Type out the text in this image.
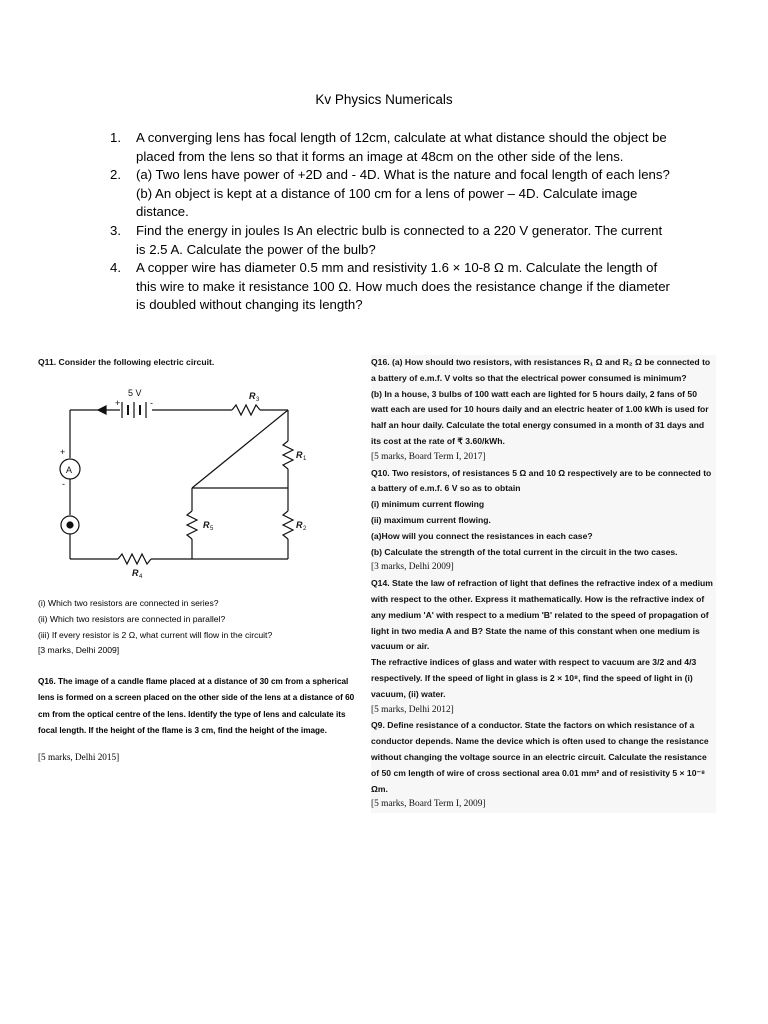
Kv Physics Numericals
1.	A converging lens has focal length of 12cm, calculate at what distance should the object be placed from the lens so that it forms an image at 48cm on the other side of the lens.

2.	(a) Two lens have power of +2D and - 4D. What is the nature and focal length of each lens?

(b) An object is kept at a distance of 100 cm for a lens of power – 4D. Calculate image distance.

3.	Find the energy in joules Is An electric bulb is connected to a 220 V generator. The current is 2.5 A. Calculate the power of the bulb?

4.	A copper wire has diameter 0.5 mm and resistivity 1.6 × 10-8 Ω m. Calculate the length of this wire to make it resistance 100 Ω. How much does the resistance change if the diameter is doubled without changing its length?

Q11. Consider the following electric circuit.

5 V
+	-
A
+
-
R 3
R 1
R 2
R 5
R 4

(i) Which two resistors are connected in series?

(ii) Which two resistors are connected in parallel?

(iii) If every resistor is 2 Ω, what current will flow in the circuit?

[3 marks, Delhi 2009]

Q16. The image of a candle flame placed at a distance of 30 cm from a spherical lens is formed on a screen placed on the other side of the lens at a distance of 60 cm from the optical centre of the lens. Identify the type of lens and calculate its focal length. If the height of the flame is 3 cm, find the height of the image.

[5 marks, Delhi 2015]

Q16. (a) How should two resistors, with resistances R₁ Ω and R₂ Ω be connected to a battery of e.m.f. V volts so that the electrical power consumed is minimum?

(b) In a house, 3 bulbs of 100 watt each are lighted for 5 hours daily, 2 fans of 50 watt each are used for 10 hours daily and an electric heater of 1.00 kWh is used for half an hour daily. Calculate the total energy consumed in a month of 31 days and its cost at the rate of ₹ 3.60/kWh.

[5 marks, Board Term I, 2017]

Q10. Two resistors, of resistances 5 Ω and 10 Ω respectively are to be connected to a battery of e.m.f. 6 V so as to obtain

(i) minimum current flowing

(ii) maximum current flowing.

(a)How will you connect the resistances in each case?

(b) Calculate the strength of the total current in the circuit in the two cases.

[3 marks, Delhi 2009]

Q14. State the law of refraction of light that defines the refractive index of a medium with respect to the other. Express it mathematically. How is the refractive index of any medium 'A' with respect to a medium 'B' related to the speed of propagation of light in two media A and B? State the name of this constant when one medium is vacuum or air.

The refractive indices of glass and water with respect to vacuum are 3/2 and 4/3 respectively. If the speed of light in glass is 2 × 10⁸, find the speed of light in (i) vacuum, (ii) water.

[5 marks, Delhi 2012]

Q9. Define resistance of a conductor. State the factors on which resistance of a conductor depends. Name the device which is often used to change the resistance without changing the voltage source in an electric circuit. Calculate the resistance of 50 cm length of wire of cross sectional area 0.01 mm² and of resistivity 5 × 10⁻⁸ Ωm.

[5 marks, Board Term I, 2009]
